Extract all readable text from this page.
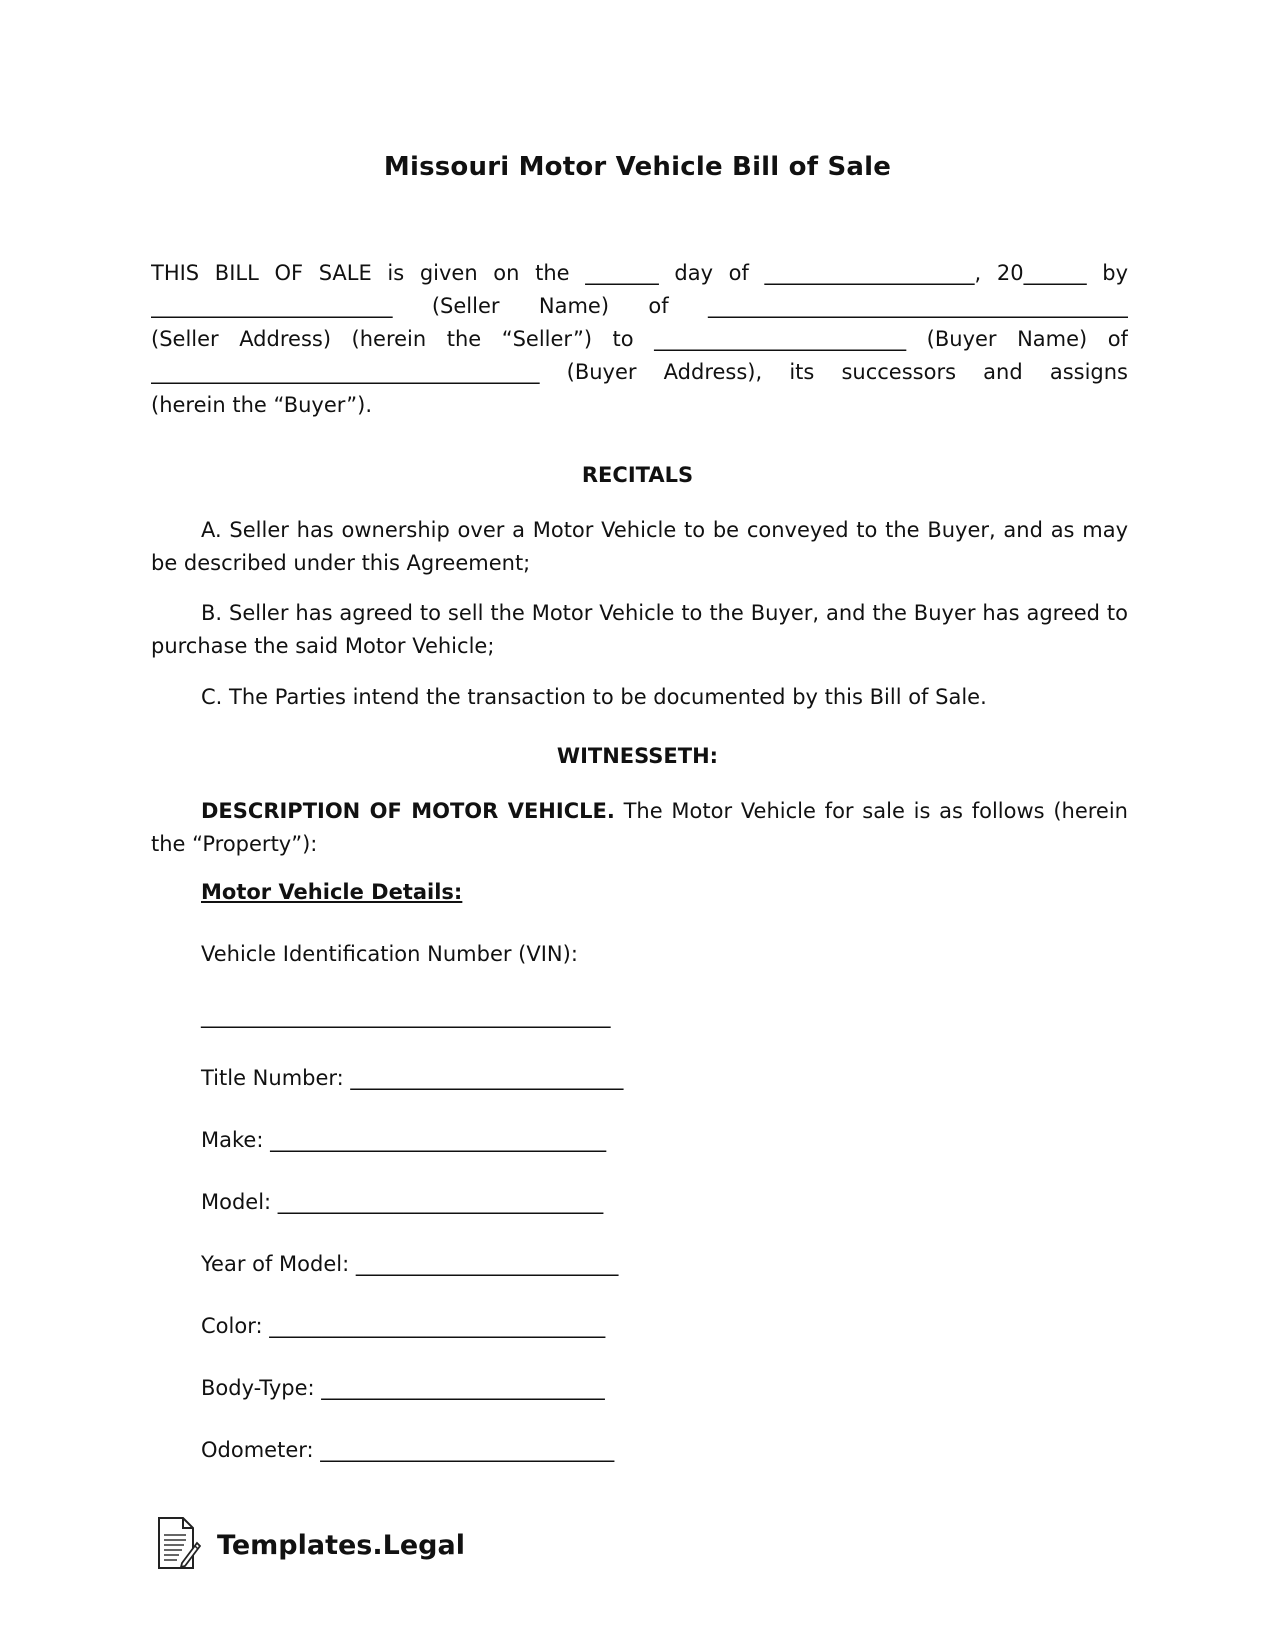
Missouri Motor Vehicle Bill of Sale
THIS BILL OF SALE is given on the _______ day of ____________________, 20______ by
_______________________ (Seller Name) of ________________________________________
(Seller Address) (herein the “Seller”) to ________________________ (Buyer Name) of
_____________________________________ (Buyer Address), its successors and assigns
(herein the “Buyer”).
RECITALS
A. Seller has ownership over a Motor Vehicle to be conveyed to the Buyer, and as may be described under this Agreement;
B. Seller has agreed to sell the Motor Vehicle to the Buyer, and the Buyer has agreed to purchase the said Motor Vehicle;
C. The Parties intend the transaction to be documented by this Bill of Sale.
WITNESSETH:
DESCRIPTION OF MOTOR VEHICLE. The Motor Vehicle for sale is as follows (herein the “Property”):
Motor Vehicle Details:
Vehicle Identification Number (VIN):
_______________________________________
Title Number: __________________________
Make: ________________________________
Model: _______________________________
Year of Model: _________________________
Color: ________________________________
Body-Type: ___________________________
Odometer: ____________________________
Templates.Legal
